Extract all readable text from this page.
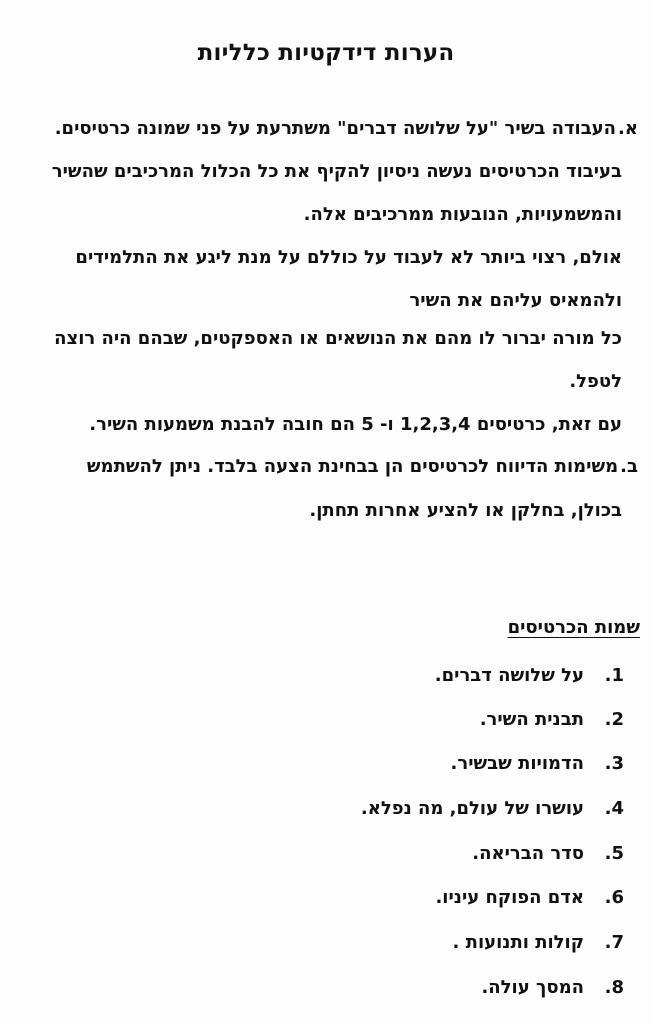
הערות דידקטיות כלליות
א.העבודה בשיר "על שלושה דברים" משתרעת על פני שמונה כרטיסים.
בעיבוד הכרטיסים נעשה ניסיון להקיף את כל הכלול המרכיבים שהשיר
והמשמעויות, הנובעות ממרכיבים אלה.
אולם, רצוי ביותר לא לעבוד על כוללם על מנת ליגע את התלמידים
ולהמאיס עליהם את השיר
כל מורה יברור לו מהם את הנושאים או האספקטים, שבהם היה רוצה
לטפל.
עם זאת, כרטיסים 1,2,3,4 ו- 5 הם חובה להבנת משמעות השיר.
ב.משימות הדיווח לכרטיסים הן בבחינת הצעה בלבד. ניתן להשתמש
בכולן, בחלקן או להציע אחרות תחתן.
שמות הכרטיסים
1.על שלושה דברים.
2.תבנית השיר.
3.הדמויות שבשיר.
4.עושרו של עולם, מה נפלא.
5.סדר הבריאה.
6.אדם הפוקח עיניו.
7.קולות ותנועות .
8.המסך עולה.
